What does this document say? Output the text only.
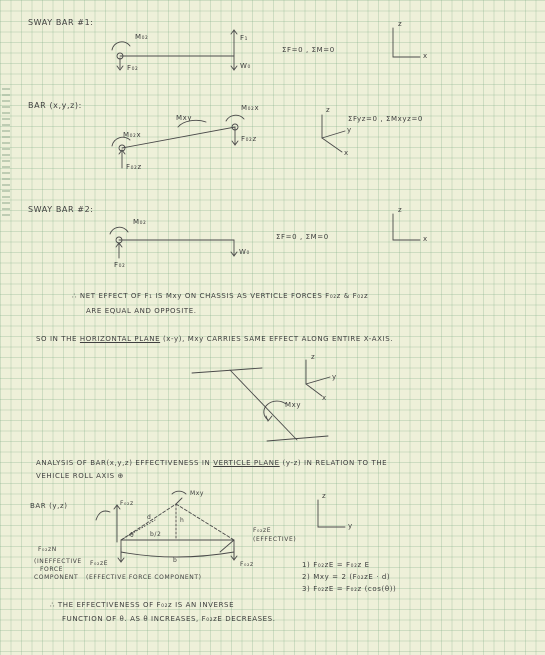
SWAY BAR #1:
M₀₂
F₀₂
F₁
W₀
ΣF=0 , ΣM=0
z
x
BAR (x,y,z):
Mxy
M₀₂x
M₀₂x	F₀₂z
F₀₂z
ΣFyz=0 , ΣMxyz=0
z
y
x
SWAY BAR #2:
M₀₂
F₀₂
W₀
ΣF=0 , ΣM=0
z
x
∴ NET EFFECT OF F₁ IS Mxy ON CHASSIS AS VERTICLE FORCES F₀₂z & F₀₂z
ARE EQUAL AND OPPOSITE.
SO IN THE HORIZONTAL PLANE (x-y), Mxy CARRIES SAME EFFECT ALONG ENTIRE X-AXIS.
Mxy
z
y
x
ANALYSIS OF BAR(x,y,z) EFFECTIVENESS IN VERTICLE PLANE (y-z) IN RELATION TO THE
VEHICLE ROLL AXIS ⊕
BAR (y,z)	F₀₂z
Mxy
d	h
b/2
θ
b
F₀₂zE
(EFFECTIVE)
F₀₂zN
(INEFFECTIVE
FORCE
COMPONENT
F₀₂zE
(EFFECTIVE FORCE COMPONENT)
F₀₂z
z
y
1) F₀₂zE = F₀₂z E
2) Mxy = 2 (F₀₂zE · d)
3) F₀₂zE = F₀₂z (cos(θ))
∴ THE EFFECTIVENESS OF F₀₂z IS AN INVERSE
FUNCTION OF θ. AS θ INCREASES, F₀₂zE DECREASES.
